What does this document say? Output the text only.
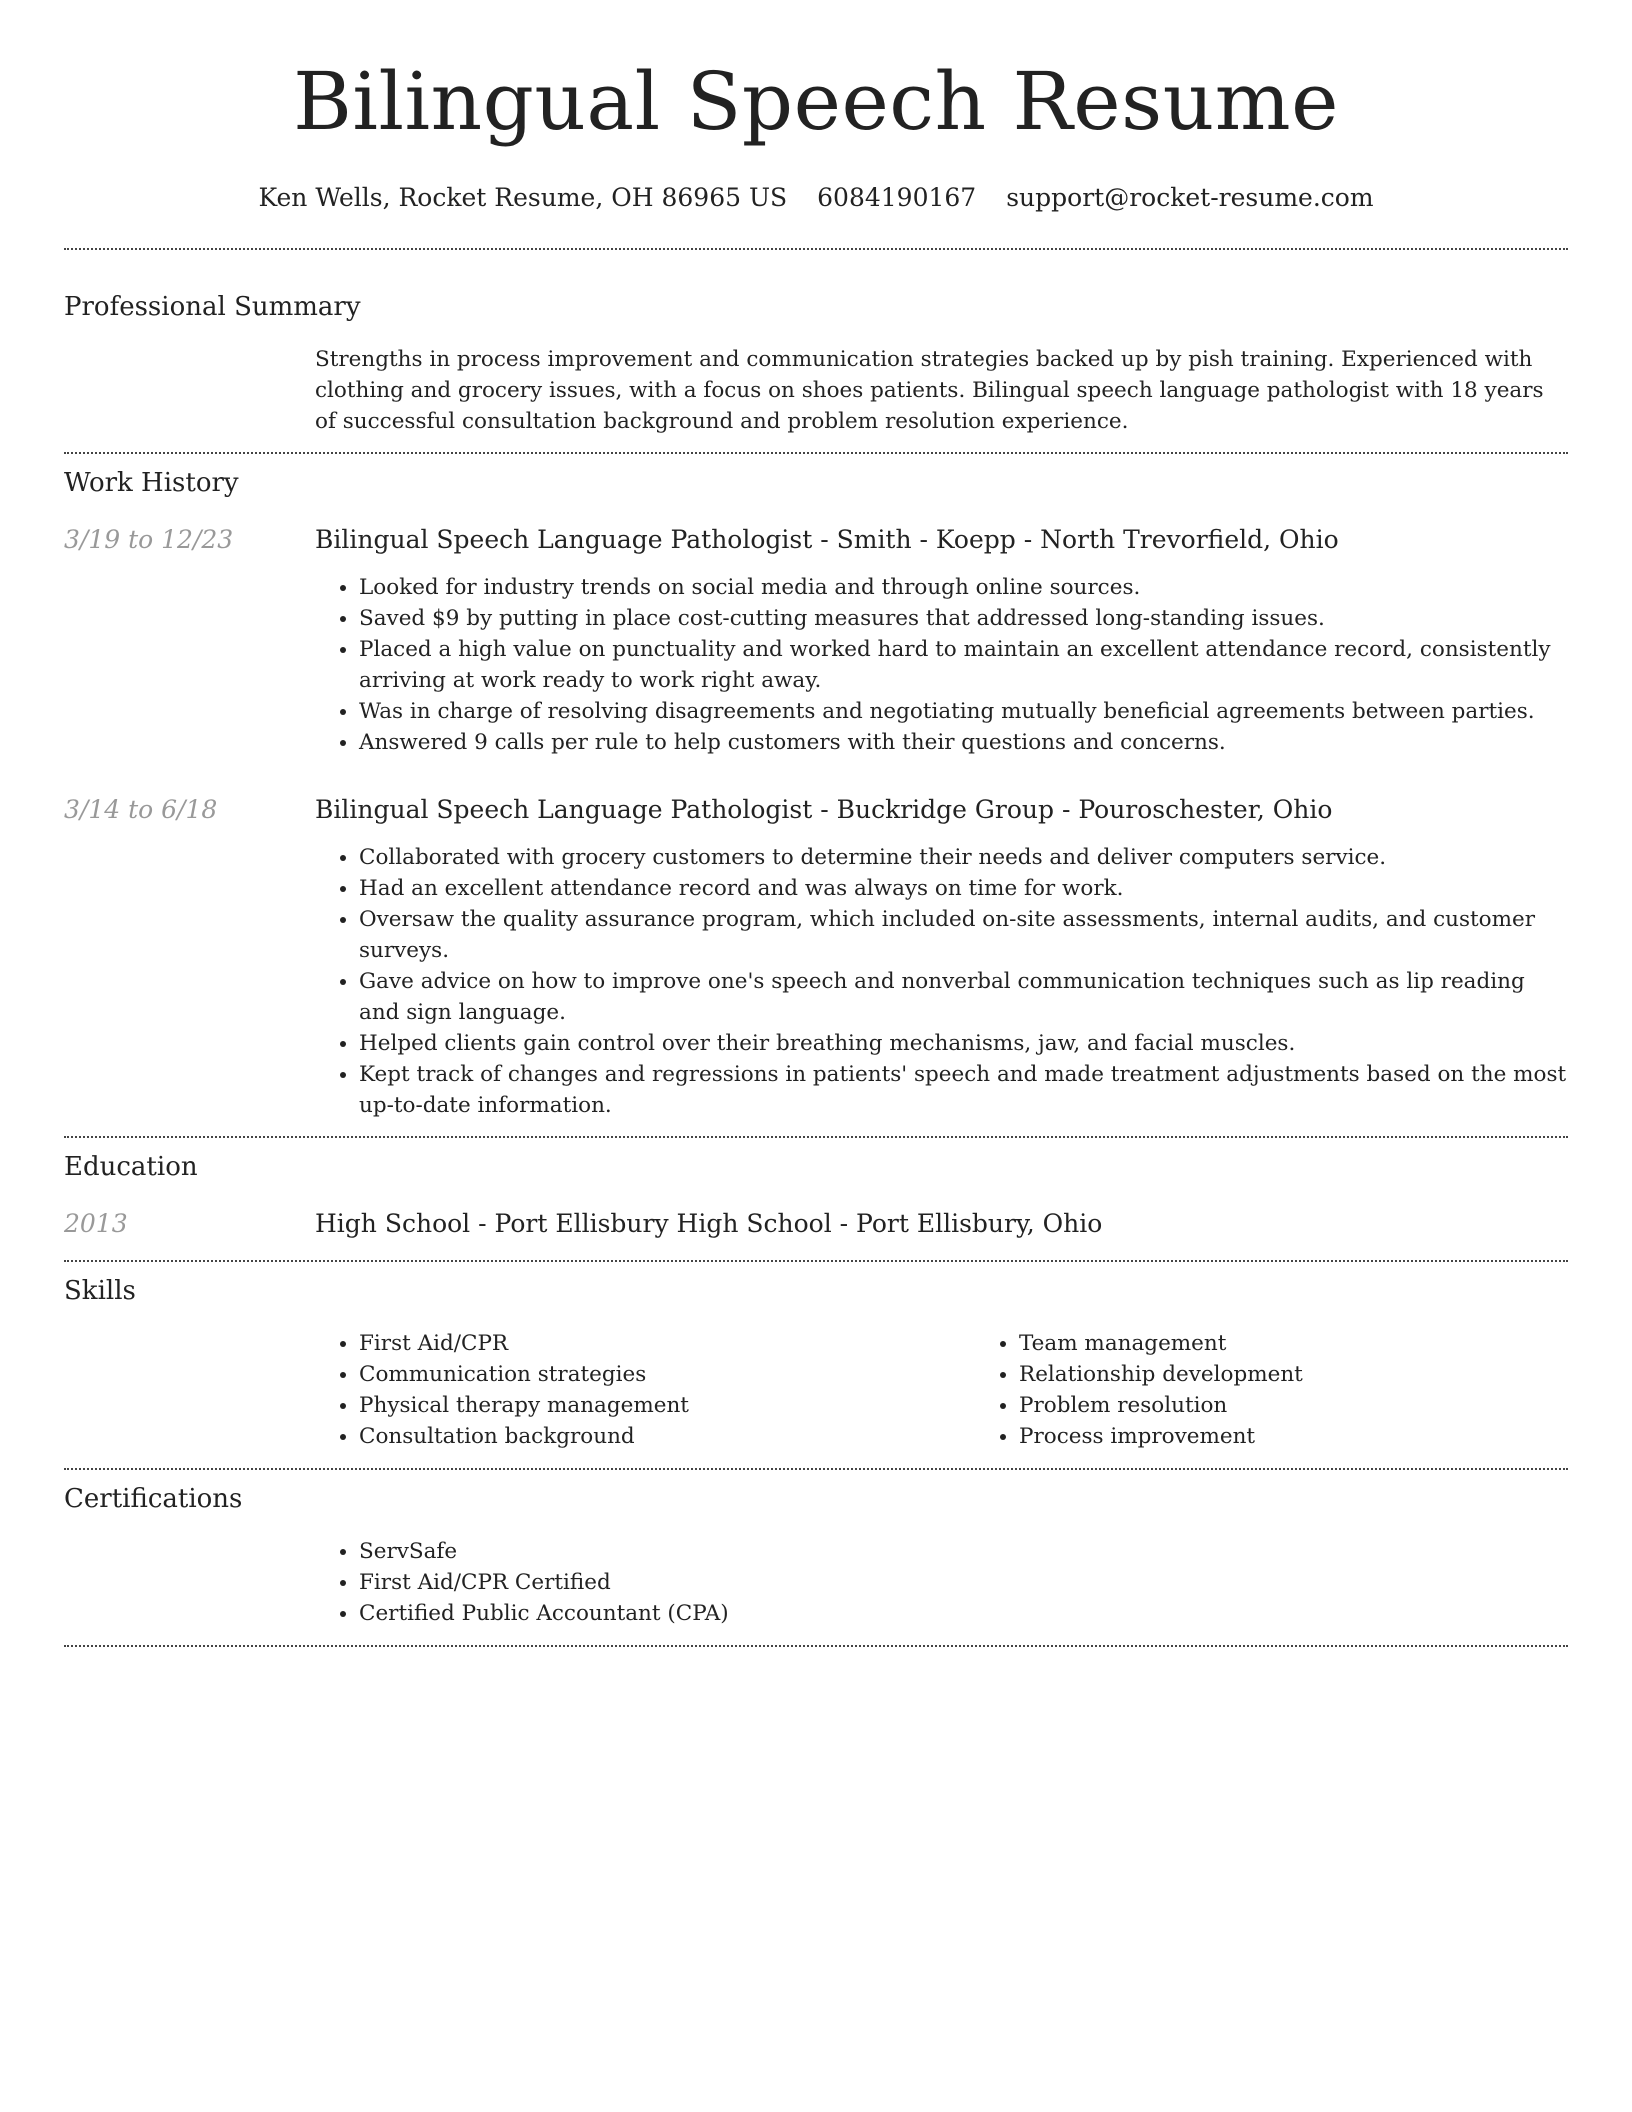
Bilingual Speech Resume
Ken Wells, Rocket Resume, OH 86965 US 6084190167 support@rocket-resume.com
Professional Summary

Strengths in process improvement and communication strategies backed up by pish training. Experienced with clothing and grocery issues, with a focus on shoes patients. Bilingual speech language pathologist with 18 years of successful consultation background and problem resolution experience.

Work History
3/19 to 12/23	Bilingual Speech Language Pathologist - Smith - Koepp - North Trevorfield, Ohio
• Looked for industry trends on social media and through online sources.
• Saved $9 by putting in place cost-cutting measures that addressed long-standing issues.
• Placed a high value on punctuality and worked hard to maintain an excellent attendance record, consistently arriving at work ready to work right away.
• Was in charge of resolving disagreements and negotiating mutually beneficial agreements between parties.
• Answered 9 calls per rule to help customers with their questions and concerns.
3/14 to 6/18	Bilingual Speech Language Pathologist - Buckridge Group - Pouroschester, Ohio
• Collaborated with grocery customers to determine their needs and deliver computers service.
• Had an excellent attendance record and was always on time for work.
• Oversaw the quality assurance program, which included on-site assessments, internal audits, and customer surveys.
• Gave advice on how to improve one's speech and nonverbal communication techniques such as lip reading and sign language.
• Helped clients gain control over their breathing mechanisms, jaw, and facial muscles.
• Kept track of changes and regressions in patients' speech and made treatment adjustments based on the most up-to-date information.
Education
2013	High School - Port Ellisbury High School - Port Ellisbury, Ohio
Skills
• First Aid/CPR
• Communication strategies
• Physical therapy management
• Consultation background
• Team management
• Relationship development
• Problem resolution
• Process improvement
Certifications
• ServSafe
• First Aid/CPR Certified
• Certified Public Accountant (CPA)
